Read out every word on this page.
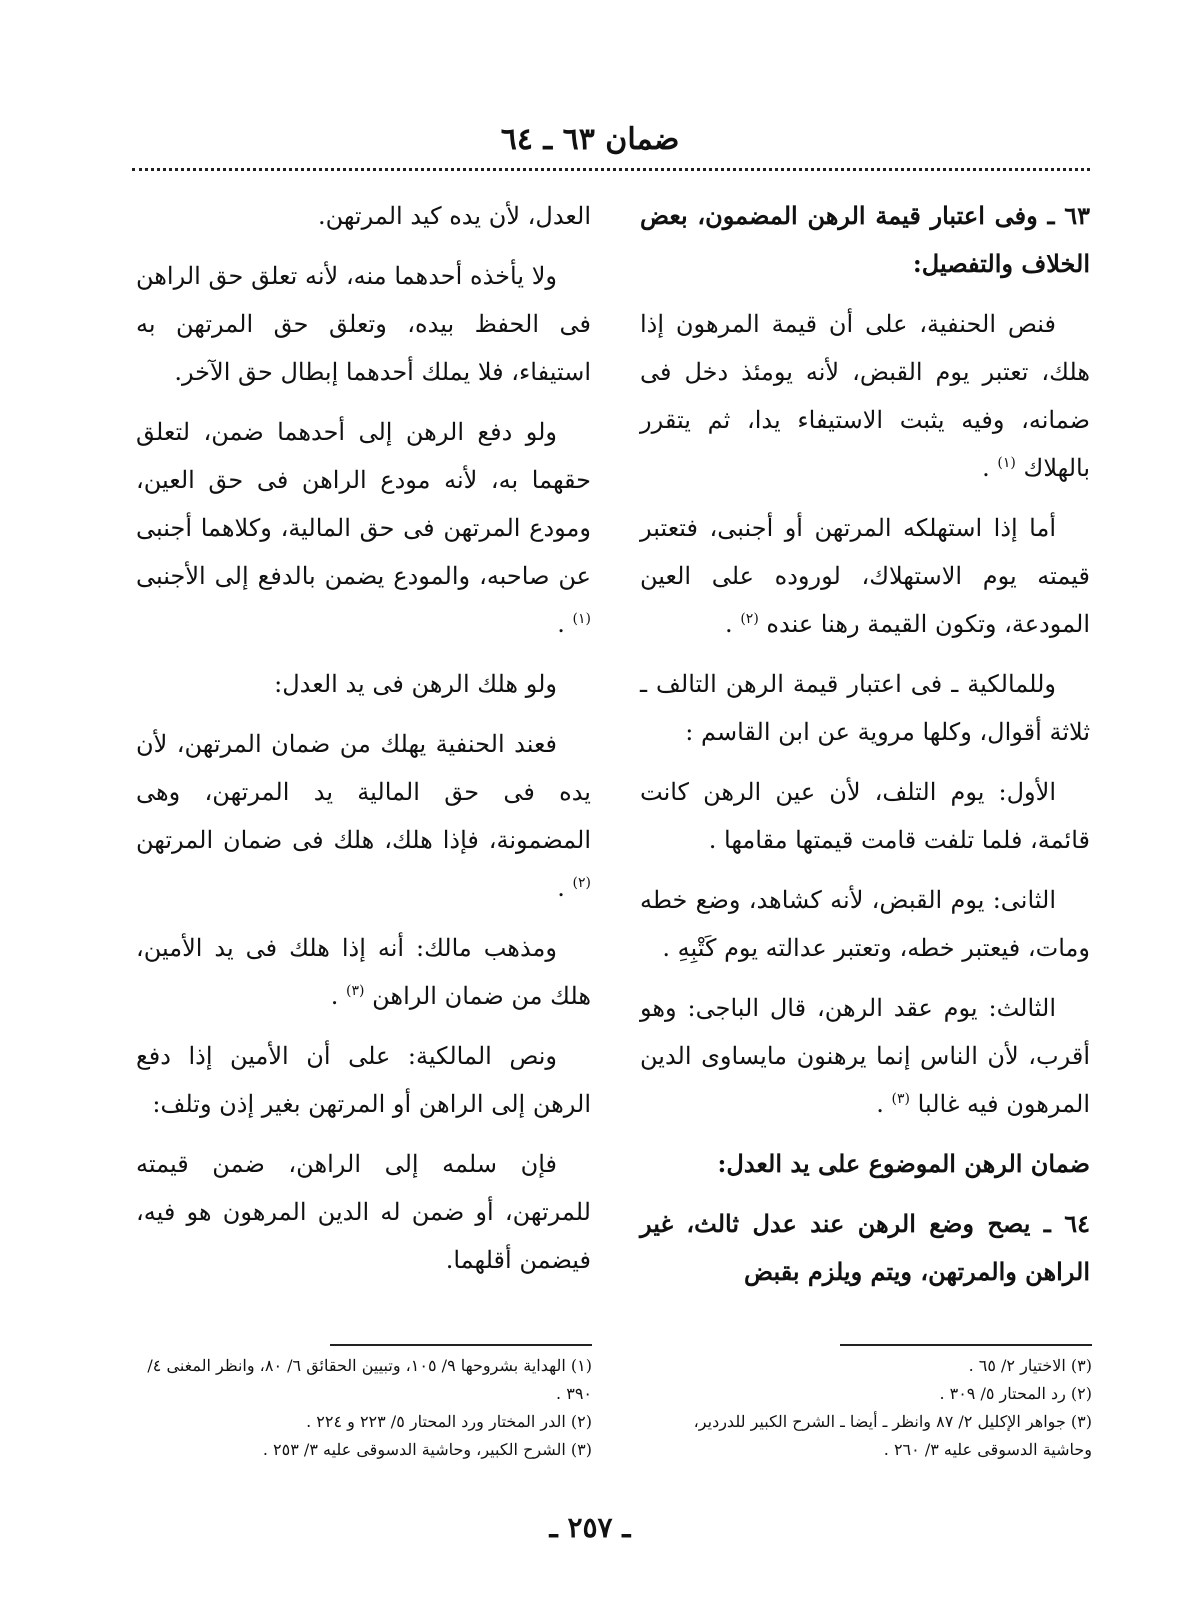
ضمان ٦٣ ـ ٦٤

٦٣ ـ وفى اعتبار قيمة الرهن المضمون، بعض الخلاف والتفصيل:

فنص الحنفية، على أن قيمة المرهون إذا هلك، تعتبر يوم القبض، لأنه يومئذ دخل فى ضمانه، وفيه يثبت الاستيفاء يدا، ثم يتقرر بالهلاك $^{(١)}$ .

أما إذا استهلكه المرتهن أو أجنبى، فتعتبر قيمته يوم الاستهلاك، لوروده على العين المودعة، وتكون القيمة رهنا عنده $^{(٢)}$ .

وللمالكية ـ فى اعتبار قيمة الرهن التالف ـ ثلاثة أقوال، وكلها مروية عن ابن القاسم :

الأول: يوم التلف، لأن عين الرهن كانت قائمة، فلما تلفت قامت قيمتها مقامها .

الثانى: يوم القبض، لأنه كشاهد، وضع خطه ومات، فيعتبر خطه، وتعتبر عدالته يوم كَتْبِهِ .

الثالث: يوم عقد الرهن، قال الباجى: وهو أقرب، لأن الناس إنما يرهنون مايساوى الدين المرهون فيه غالبا $^{(٣)}$ .

ضمان الرهن الموضوع على يد العدل:

٦٤ ـ يصح وضع الرهن عند عدل ثالث، غير الراهن والمرتهن، ويتم ويلزم بقبض

العدل، لأن يده كيد المرتهن.

ولا يأخذه أحدهما منه، لأنه تعلق حق الراهن فى الحفظ بيده، وتعلق حق المرتهن به استيفاء، فلا يملك أحدهما إبطال حق الآخر.

ولو دفع الرهن إلى أحدهما ضمن، لتعلق حقهما به، لأنه مودع الراهن فى حق العين، ومودع المرتهن فى حق المالية، وكلاهما أجنبى عن صاحبه، والمودع يضمن بالدفع إلى الأجنبى $^{(١)}$ .

ولو هلك الرهن فى يد العدل:

فعند الحنفية يهلك من ضمان المرتهن، لأن يده فى حق المالية يد المرتهن، وهى المضمونة، فإذا هلك، هلك فى ضمان المرتهن $^{(٢)}$ .

ومذهب مالك: أنه إذا هلك فى يد الأمين، هلك من ضمان الراهن $^{(٣)}$ .

ونص المالكية: على أن الأمين إذا دفع الرهن إلى الراهن أو المرتهن بغير إذن وتلف:

فإن سلمه إلى الراهن، ضمن قيمته للمرتهن، أو ضمن له الدين المرهون هو فيه، فيضمن أقلهما.

(٣) الاختيار ٢/ ٦٥ .

(٢) رد المحتار ٥/ ٣٠٩ .

(٣) جواهر الإكليل ٢/ ٨٧ وانظر ـ أيضا ـ الشرح الكبير للدردير، وحاشية الدسوقى عليه ٣/ ٢٦٠ .

(١) الهداية بشروحها ٩/ ١٠٥، وتبيين الحقائق ٦/ ٨٠، وانظر المغنى ٤/ ٣٩٠ .

(٢) الدر المختار ورد المحتار ٥/ ٢٢٣ و ٢٢٤ .

(٣) الشرح الكبير، وحاشية الدسوقى عليه ٣/ ٢٥٣ .

ـ ٢٥٧ ـ
